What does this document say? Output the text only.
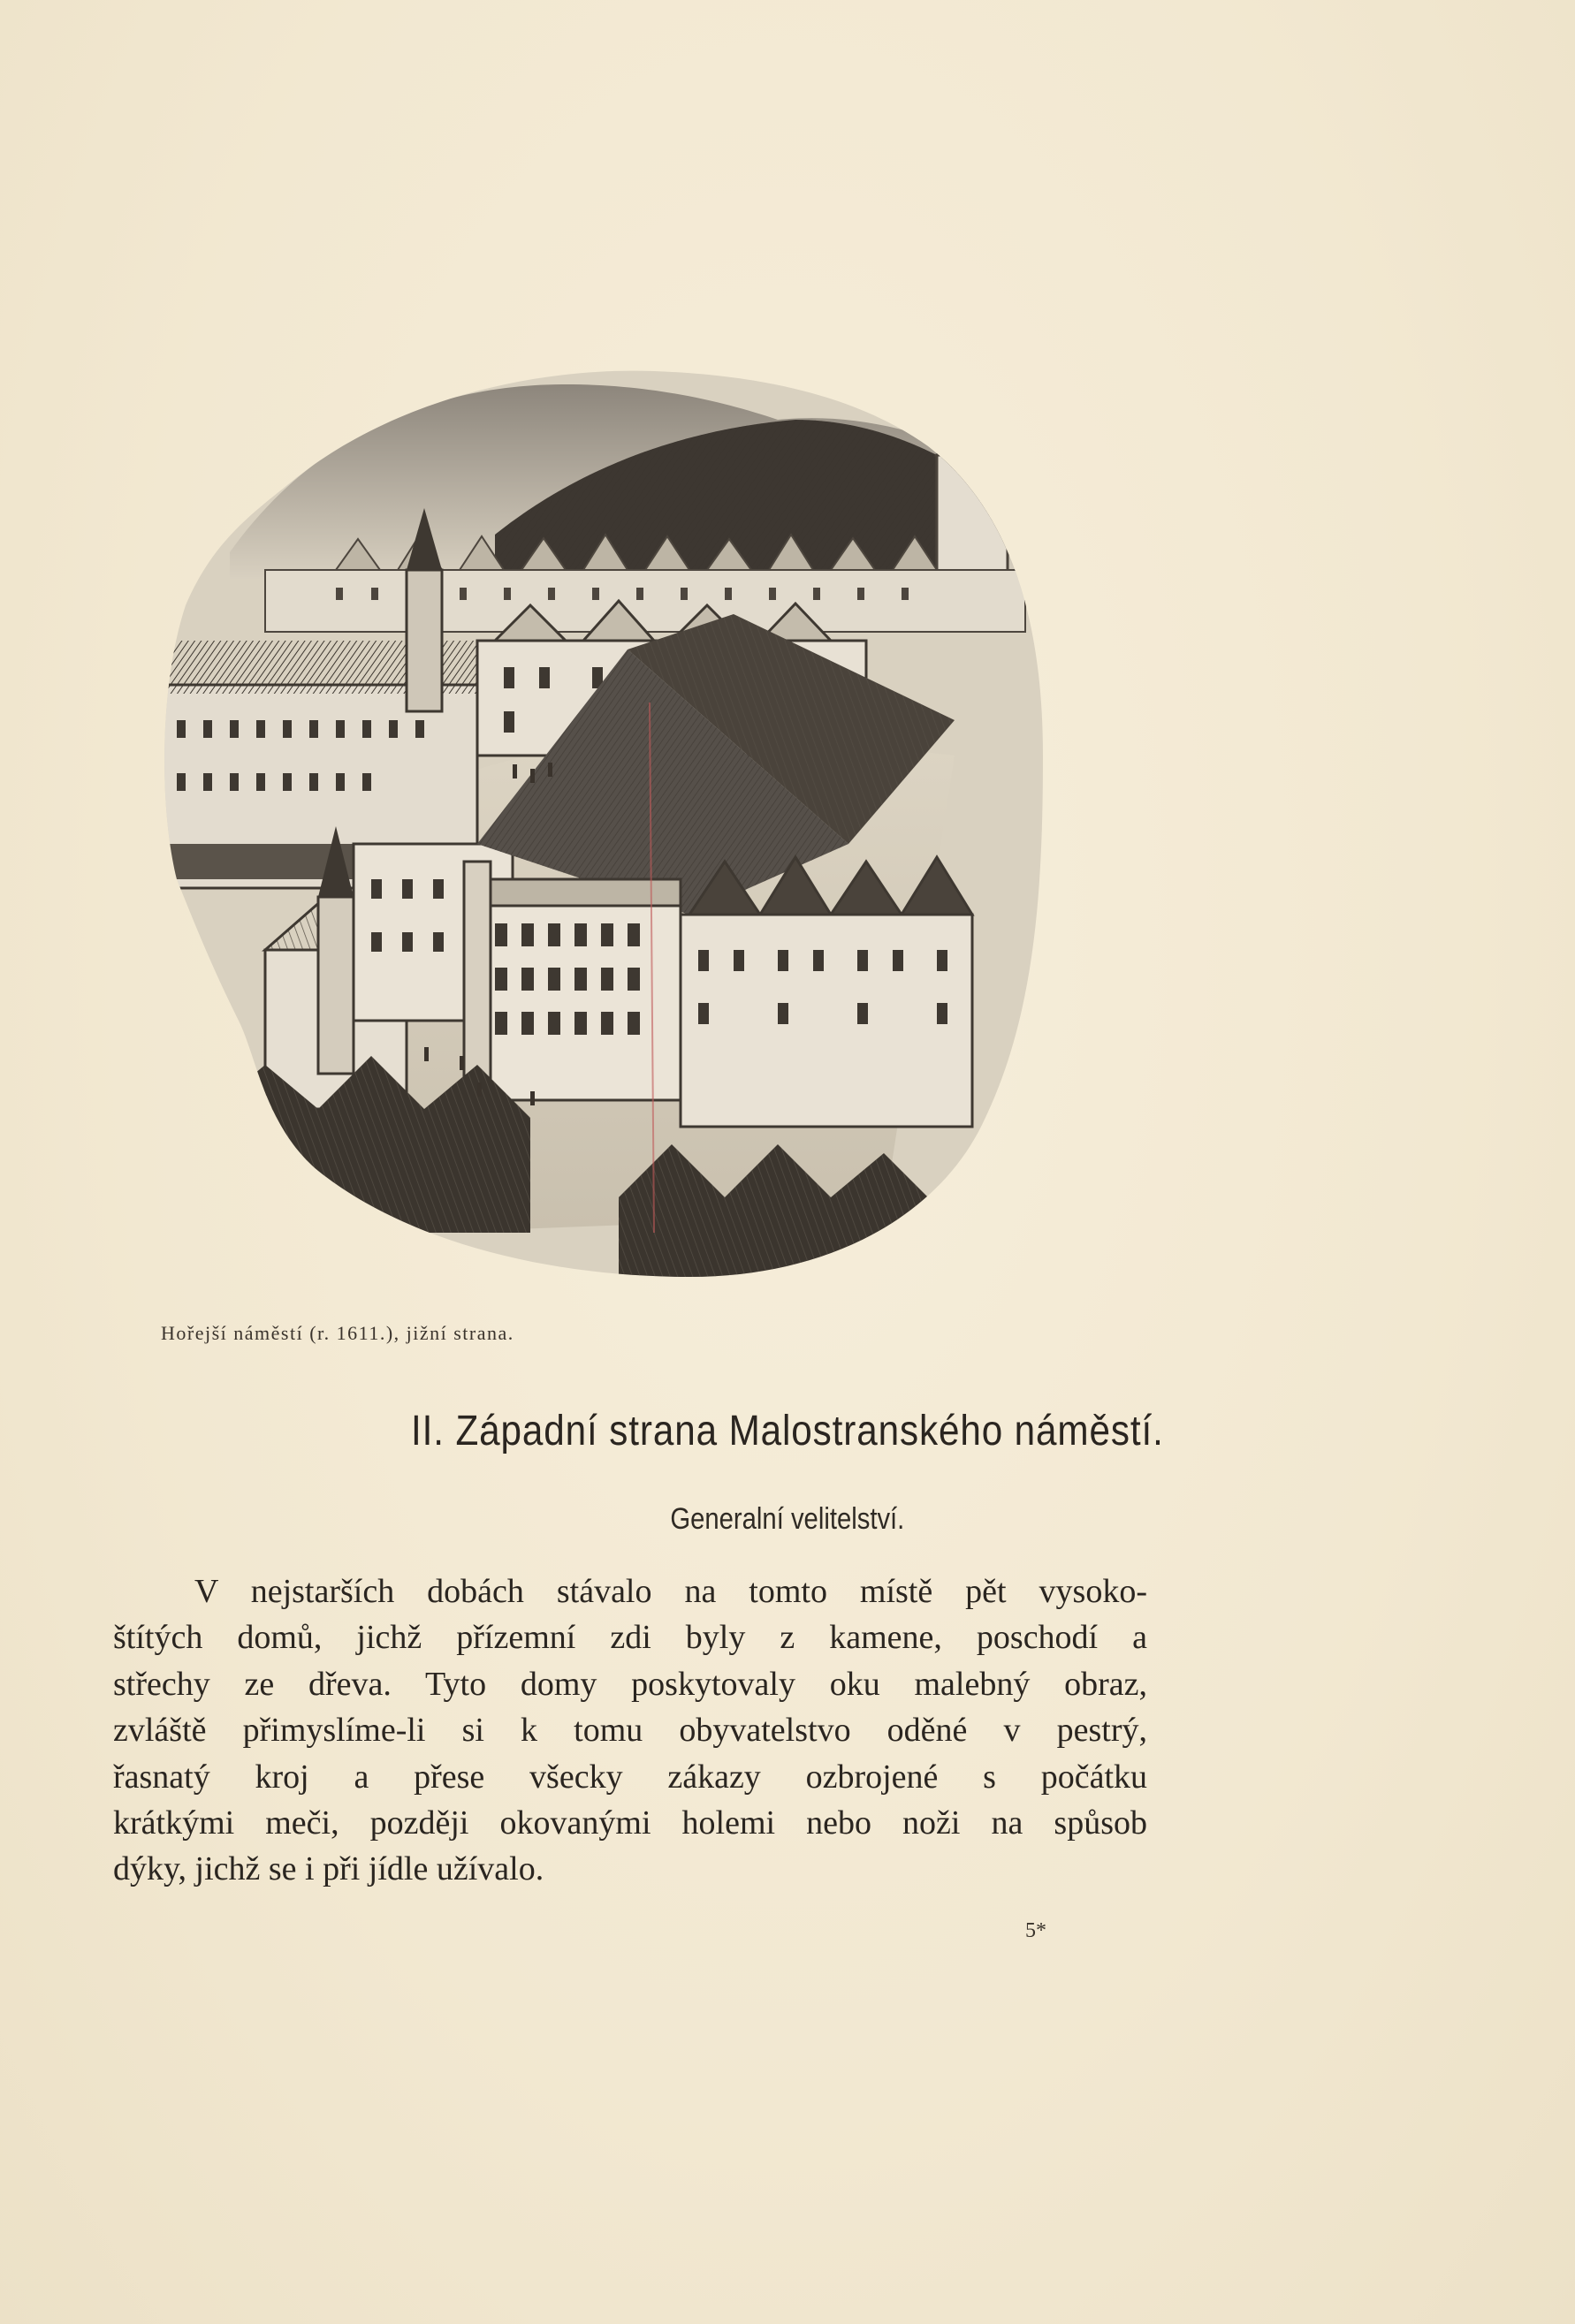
Hořejší náměstí (r. 1611.), jižní strana.
II. Západní strana Malostranského náměstí.
Generalní velitelství.
V nejstarších dobách stávalo na tomto místě pět vysoko-
štítých domů, jichž přízemní zdi byly z kamene, poschodí a
střechy ze dřeva. Tyto domy poskytovaly oku malebný obraz,
zvláště přimyslíme-li si k tomu obyvatelstvo oděné v pestrý,
řasnatý kroj a přese všecky zákazy ozbrojené s počátku
krátkými meči, později okovanými holemi nebo noži na spůsob
dýky, jichž se i při jídle užívalo.
5*
